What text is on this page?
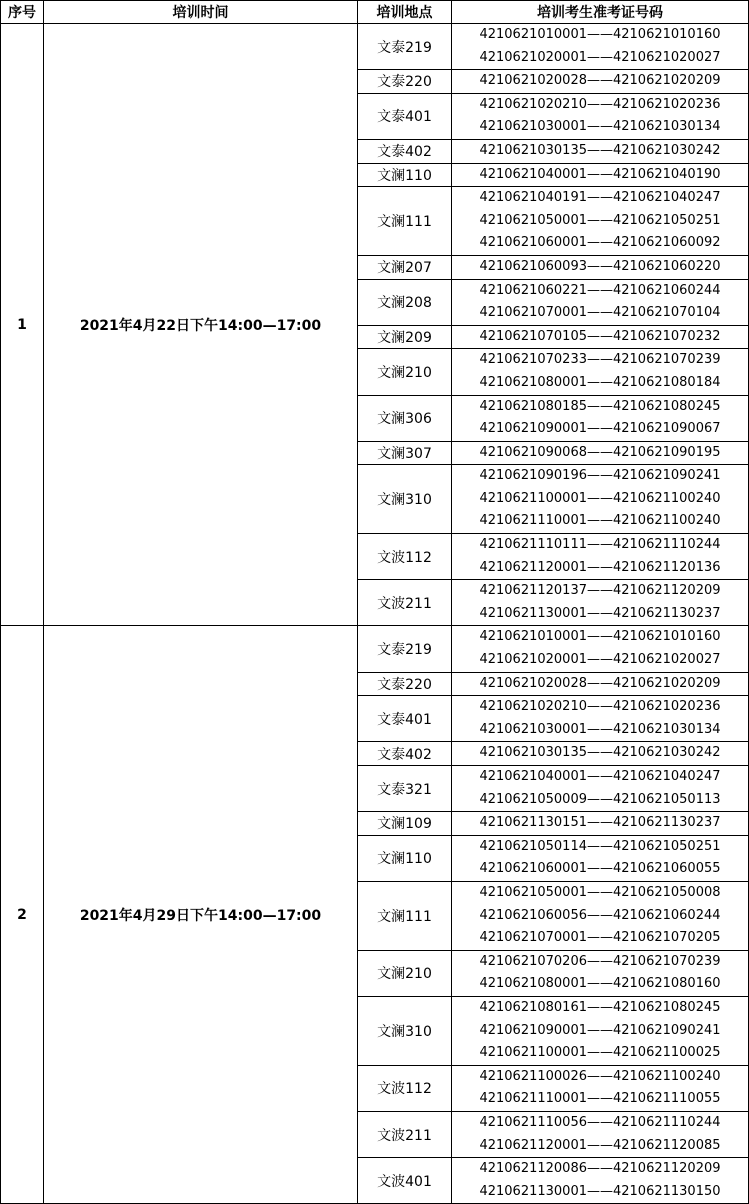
序号	培训时间	培训地点	培训考生准考证号码
1	2021年4月22日下午14:00—17:00	文泰219	4210621010001——4210621010160
4210621020001——4210621020027

		文泰220	4210621020028——4210621020209

		文泰401	4210621020210——4210621020236
4210621030001——4210621030134

		文泰402	4210621030135——4210621030242

		文澜110	4210621040001——4210621040190

		文澜111	4210621040191——4210621040247
4210621050001——4210621050251
4210621060001——4210621060092

		文澜207	4210621060093——4210621060220

		文澜208	4210621060221——4210621060244
4210621070001——4210621070104

		文澜209	4210621070105——4210621070232

		文澜210	4210621070233——4210621070239
4210621080001——4210621080184

		文澜306	4210621080185——4210621080245
4210621090001——4210621090067

		文澜307	4210621090068——4210621090195

		文澜310	4210621090196——4210621090241
4210621100001——4210621100240
4210621110001——4210621100240

		文波112	4210621110111——4210621110244
4210621120001——4210621120136

		文波211	4210621120137——4210621120209
4210621130001——4210621130237

2	2021年4月29日下午14:00—17:00	文泰219	4210621010001——4210621010160
4210621020001——4210621020027

		文泰220	4210621020028——4210621020209

		文泰401	4210621020210——4210621020236
4210621030001——4210621030134

		文泰402	4210621030135——4210621030242

		文泰321	4210621040001——4210621040247
4210621050009——4210621050113

		文澜109	4210621130151——4210621130237

		文澜110	4210621050114——4210621050251
4210621060001——4210621060055

		文澜111	4210621050001——4210621050008
4210621060056——4210621060244
4210621070001——4210621070205

		文澜210	4210621070206——4210621070239
4210621080001——4210621080160

		文澜310	4210621080161——4210621080245
4210621090001——4210621090241
4210621100001——4210621100025

		文波112	4210621100026——4210621100240
4210621110001——4210621110055

		文波211	4210621110056——4210621110244
4210621120001——4210621120085

		文波401	4210621120086——4210621120209
4210621130001——4210621130150
